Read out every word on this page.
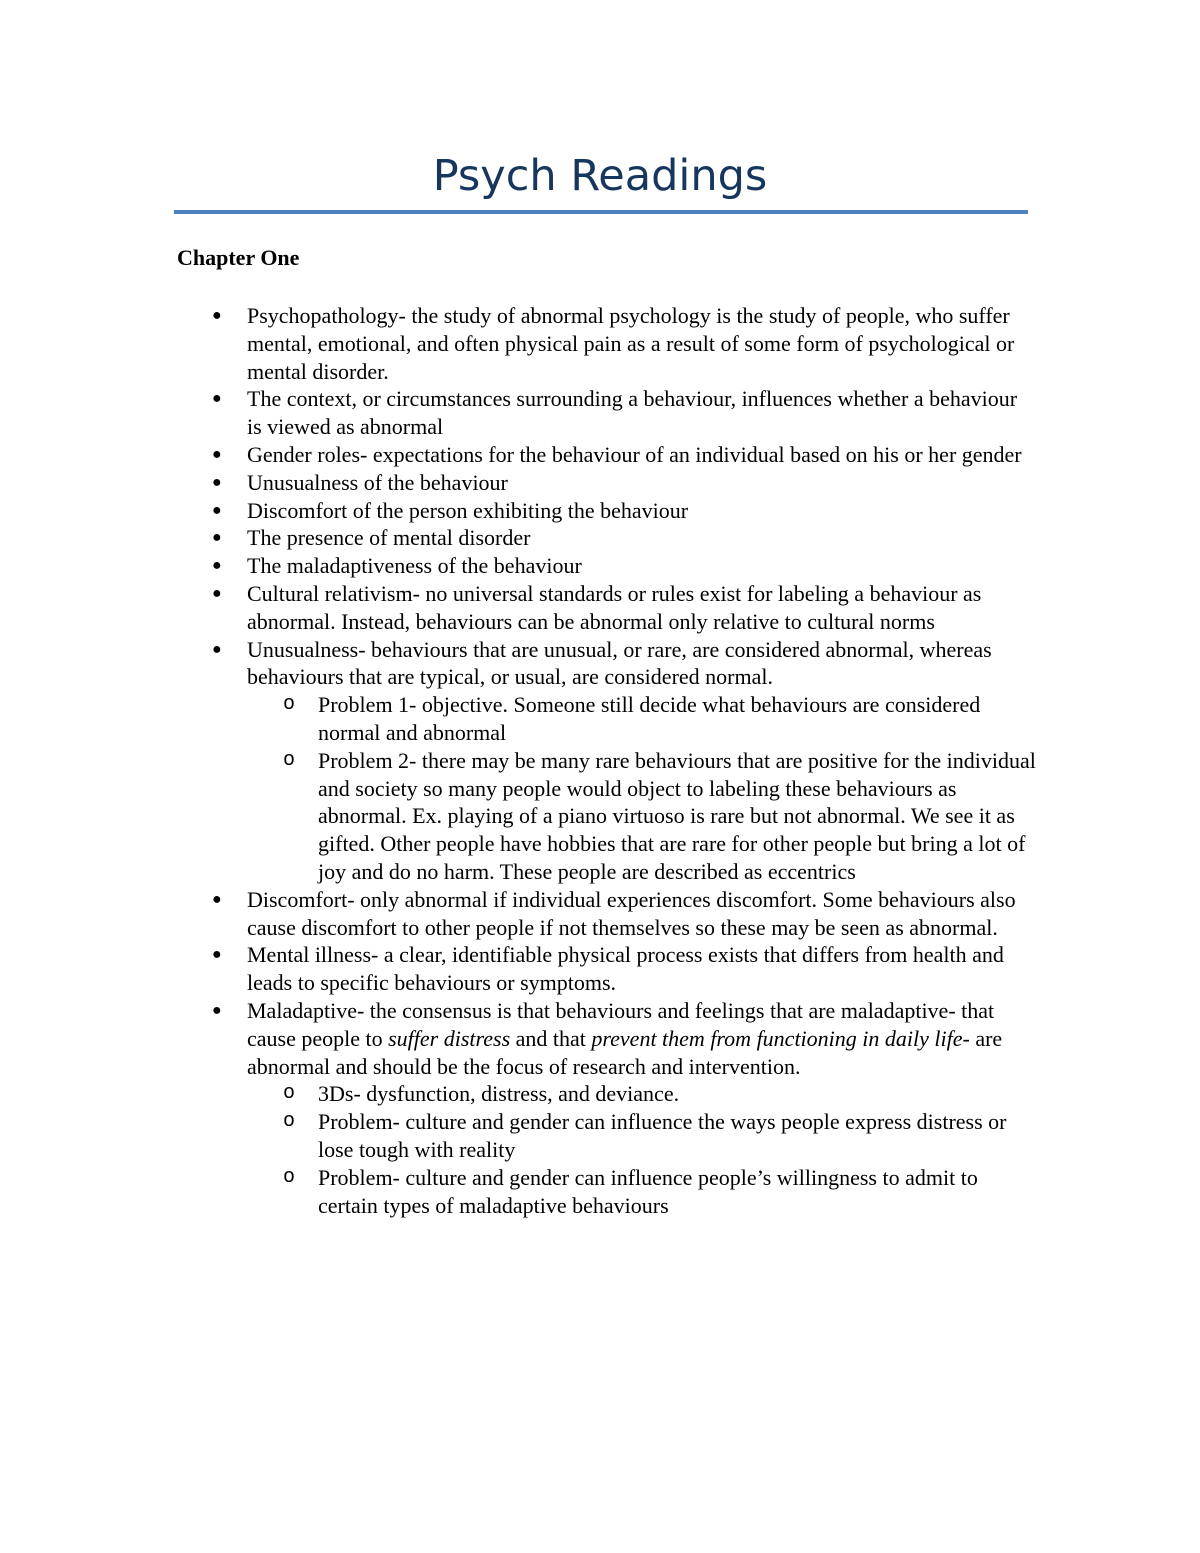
Psych Readings
Chapter One
●	Psychopathology- the study of abnormal psychology is the study of people, who suffer mental, emotional, and often physical pain as a result of some form of psychological or mental disorder.
●	The context, or circumstances surrounding a behaviour, influences whether a behaviour is viewed as abnormal
●	Gender roles- expectations for the behaviour of an individual based on his or her gender
●	Unusualness of the behaviour
●	Discomfort of the person exhibiting the behaviour
●	The presence of mental disorder
●	The maladaptiveness of the behaviour
●	Cultural relativism- no universal standards or rules exist for labeling a behaviour as abnormal. Instead, behaviours can be abnormal only relative to cultural norms
●	Unusualness- behaviours that are unusual, or rare, are considered abnormal, whereas behaviours that are typical, or usual, are considered normal.
o	Problem 1- objective. Someone still decide what behaviours are considered normal and abnormal
o	Problem 2- there may be many rare behaviours that are positive for the individual and society so many people would object to labeling these behaviours as abnormal. Ex. playing of a piano virtuoso is rare but not abnormal. We see it as gifted. Other people have hobbies that are rare for other people but bring a lot of joy and do no harm. These people are described as eccentrics
●	Discomfort- only abnormal if individual experiences discomfort. Some behaviours also cause discomfort to other people if not themselves so these may be seen as abnormal.
●	Mental illness- a clear, identifiable physical process exists that differs from health and leads to specific behaviours or symptoms.
●	Maladaptive- the consensus is that behaviours and feelings that are maladaptive- that cause people to suffer distress and that prevent them from functioning in daily life- are abnormal and should be the focus of research and intervention.
o	3Ds- dysfunction, distress, and deviance.
o	Problem- culture and gender can influence the ways people express distress or lose tough with reality
o	Problem- culture and gender can influence people’s willingness to admit to certain types of maladaptive behaviours
